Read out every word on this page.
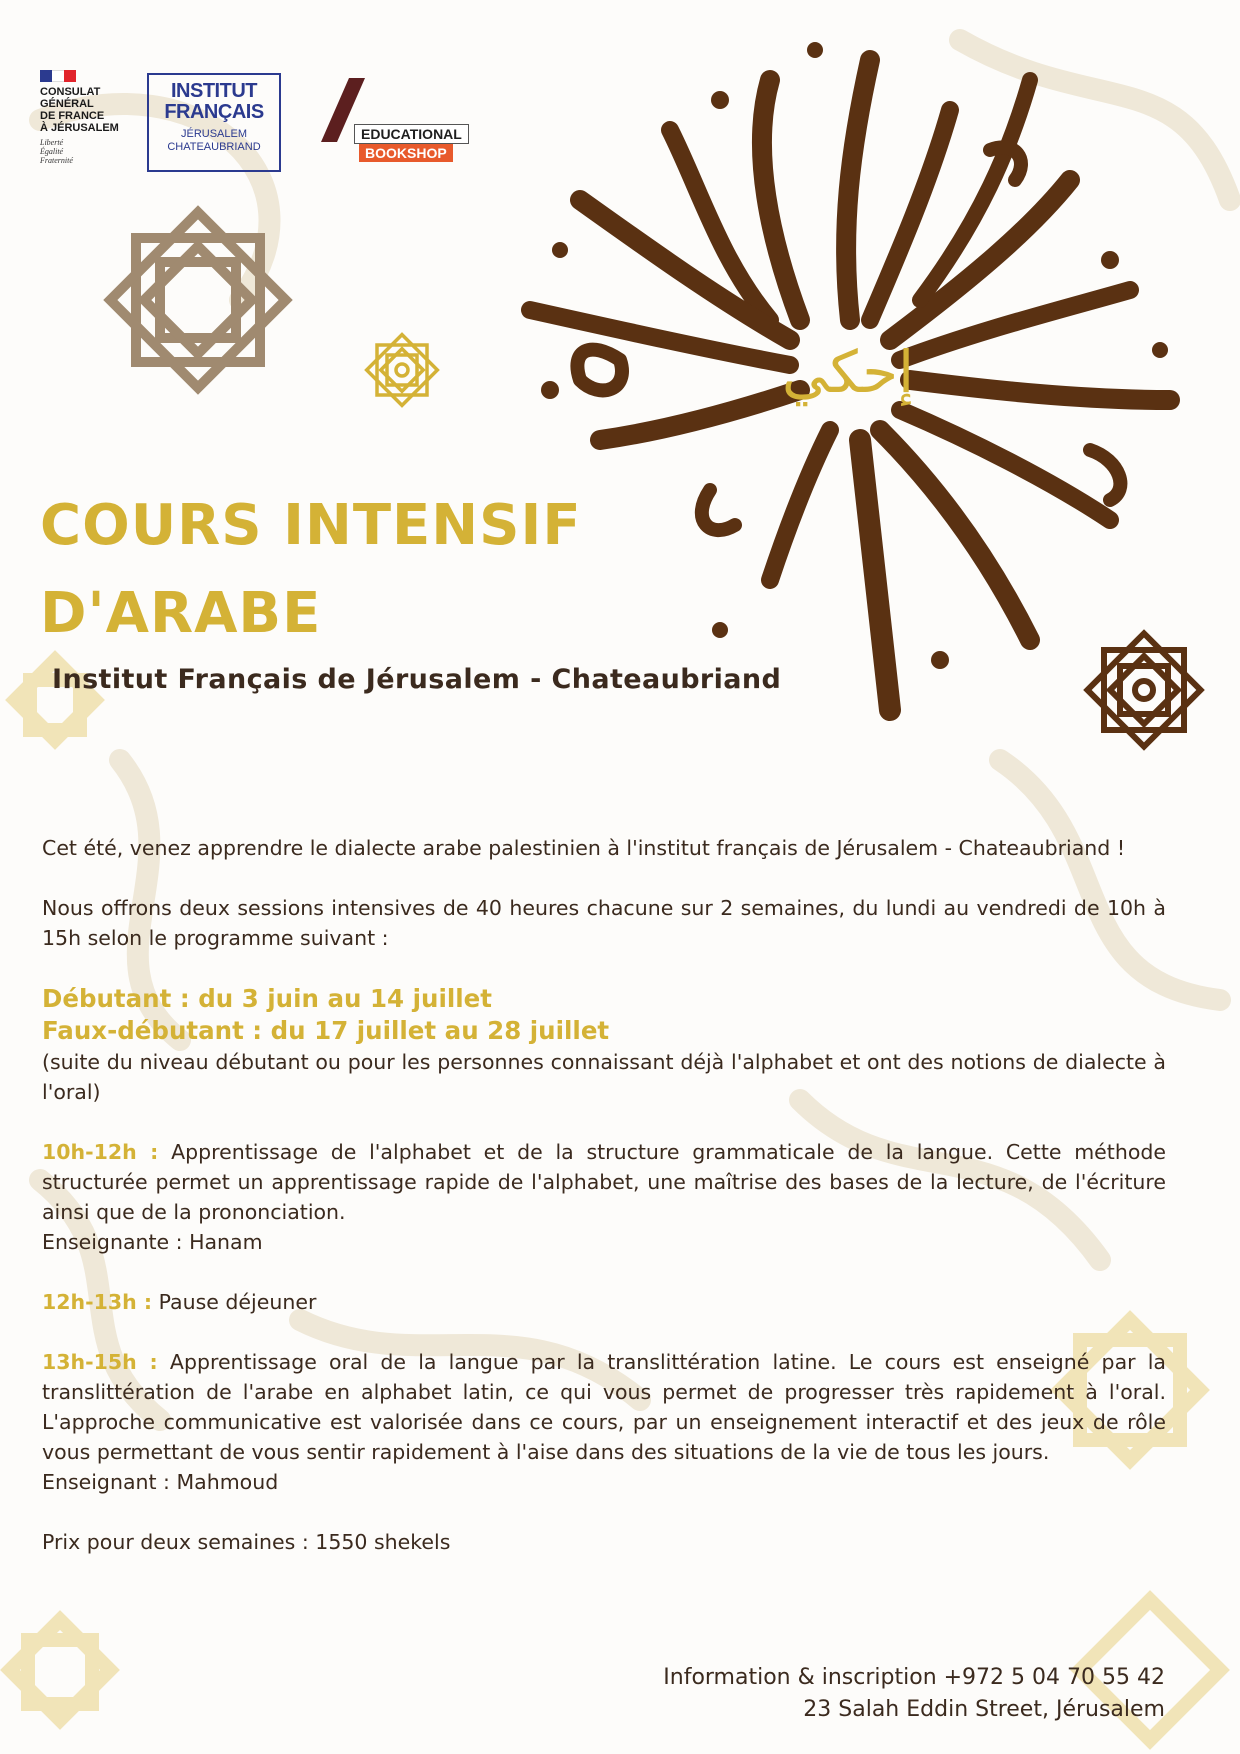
CONSULAT
GÉNÉRAL
DE FRANCE
À JÉRUSALEM
Liberté
Égalité
Fraternité
INSTITUT
FRANÇAIS
JÉRUSALEM
CHATEAUBRIAND
EDUCATIONAL
BOOKSHOP
إحكي
COURS INTENSIF D'ARABE
Institut Français de Jérusalem - Chateaubriand

Cet été, venez apprendre le dialecte arabe palestinien à l'institut français de Jérusalem - Chateaubriand !

Nous offrons deux sessions intensives de 40 heures chacune sur 2 semaines, du lundi au vendredi de 10h à 15h selon le programme suivant :

Débutant : du 3 juin au 14 juillet
Faux-débutant : du 17 juillet au 28 juillet

(suite du niveau débutant ou pour les personnes connaissant déjà l'alphabet et ont des notions de dialecte à l'oral)

10h-12h : Apprentissage de l'alphabet et de la structure grammaticale de la langue. Cette méthode structurée permet un apprentissage rapide de l'alphabet, une maîtrise des bases de la lecture, de l'écriture ainsi que de la prononciation.

Enseignante : Hanam

12h-13h : Pause déjeuner

13h-15h : Apprentissage oral de la langue par la translittération latine. Le cours est enseigné par la translittération de l'arabe en alphabet latin, ce qui vous permet de progresser très rapidement à l'oral. L'approche communicative est valorisée dans ce cours, par un enseignement interactif et des jeux de rôle vous permettant de vous sentir rapidement à l'aise dans des situations de la vie de tous les jours.

Enseignant : Mahmoud

Prix pour deux semaines : 1550 shekels

Information & inscription +972 5 04 70 55 42
23 Salah Eddin Street, Jérusalem
